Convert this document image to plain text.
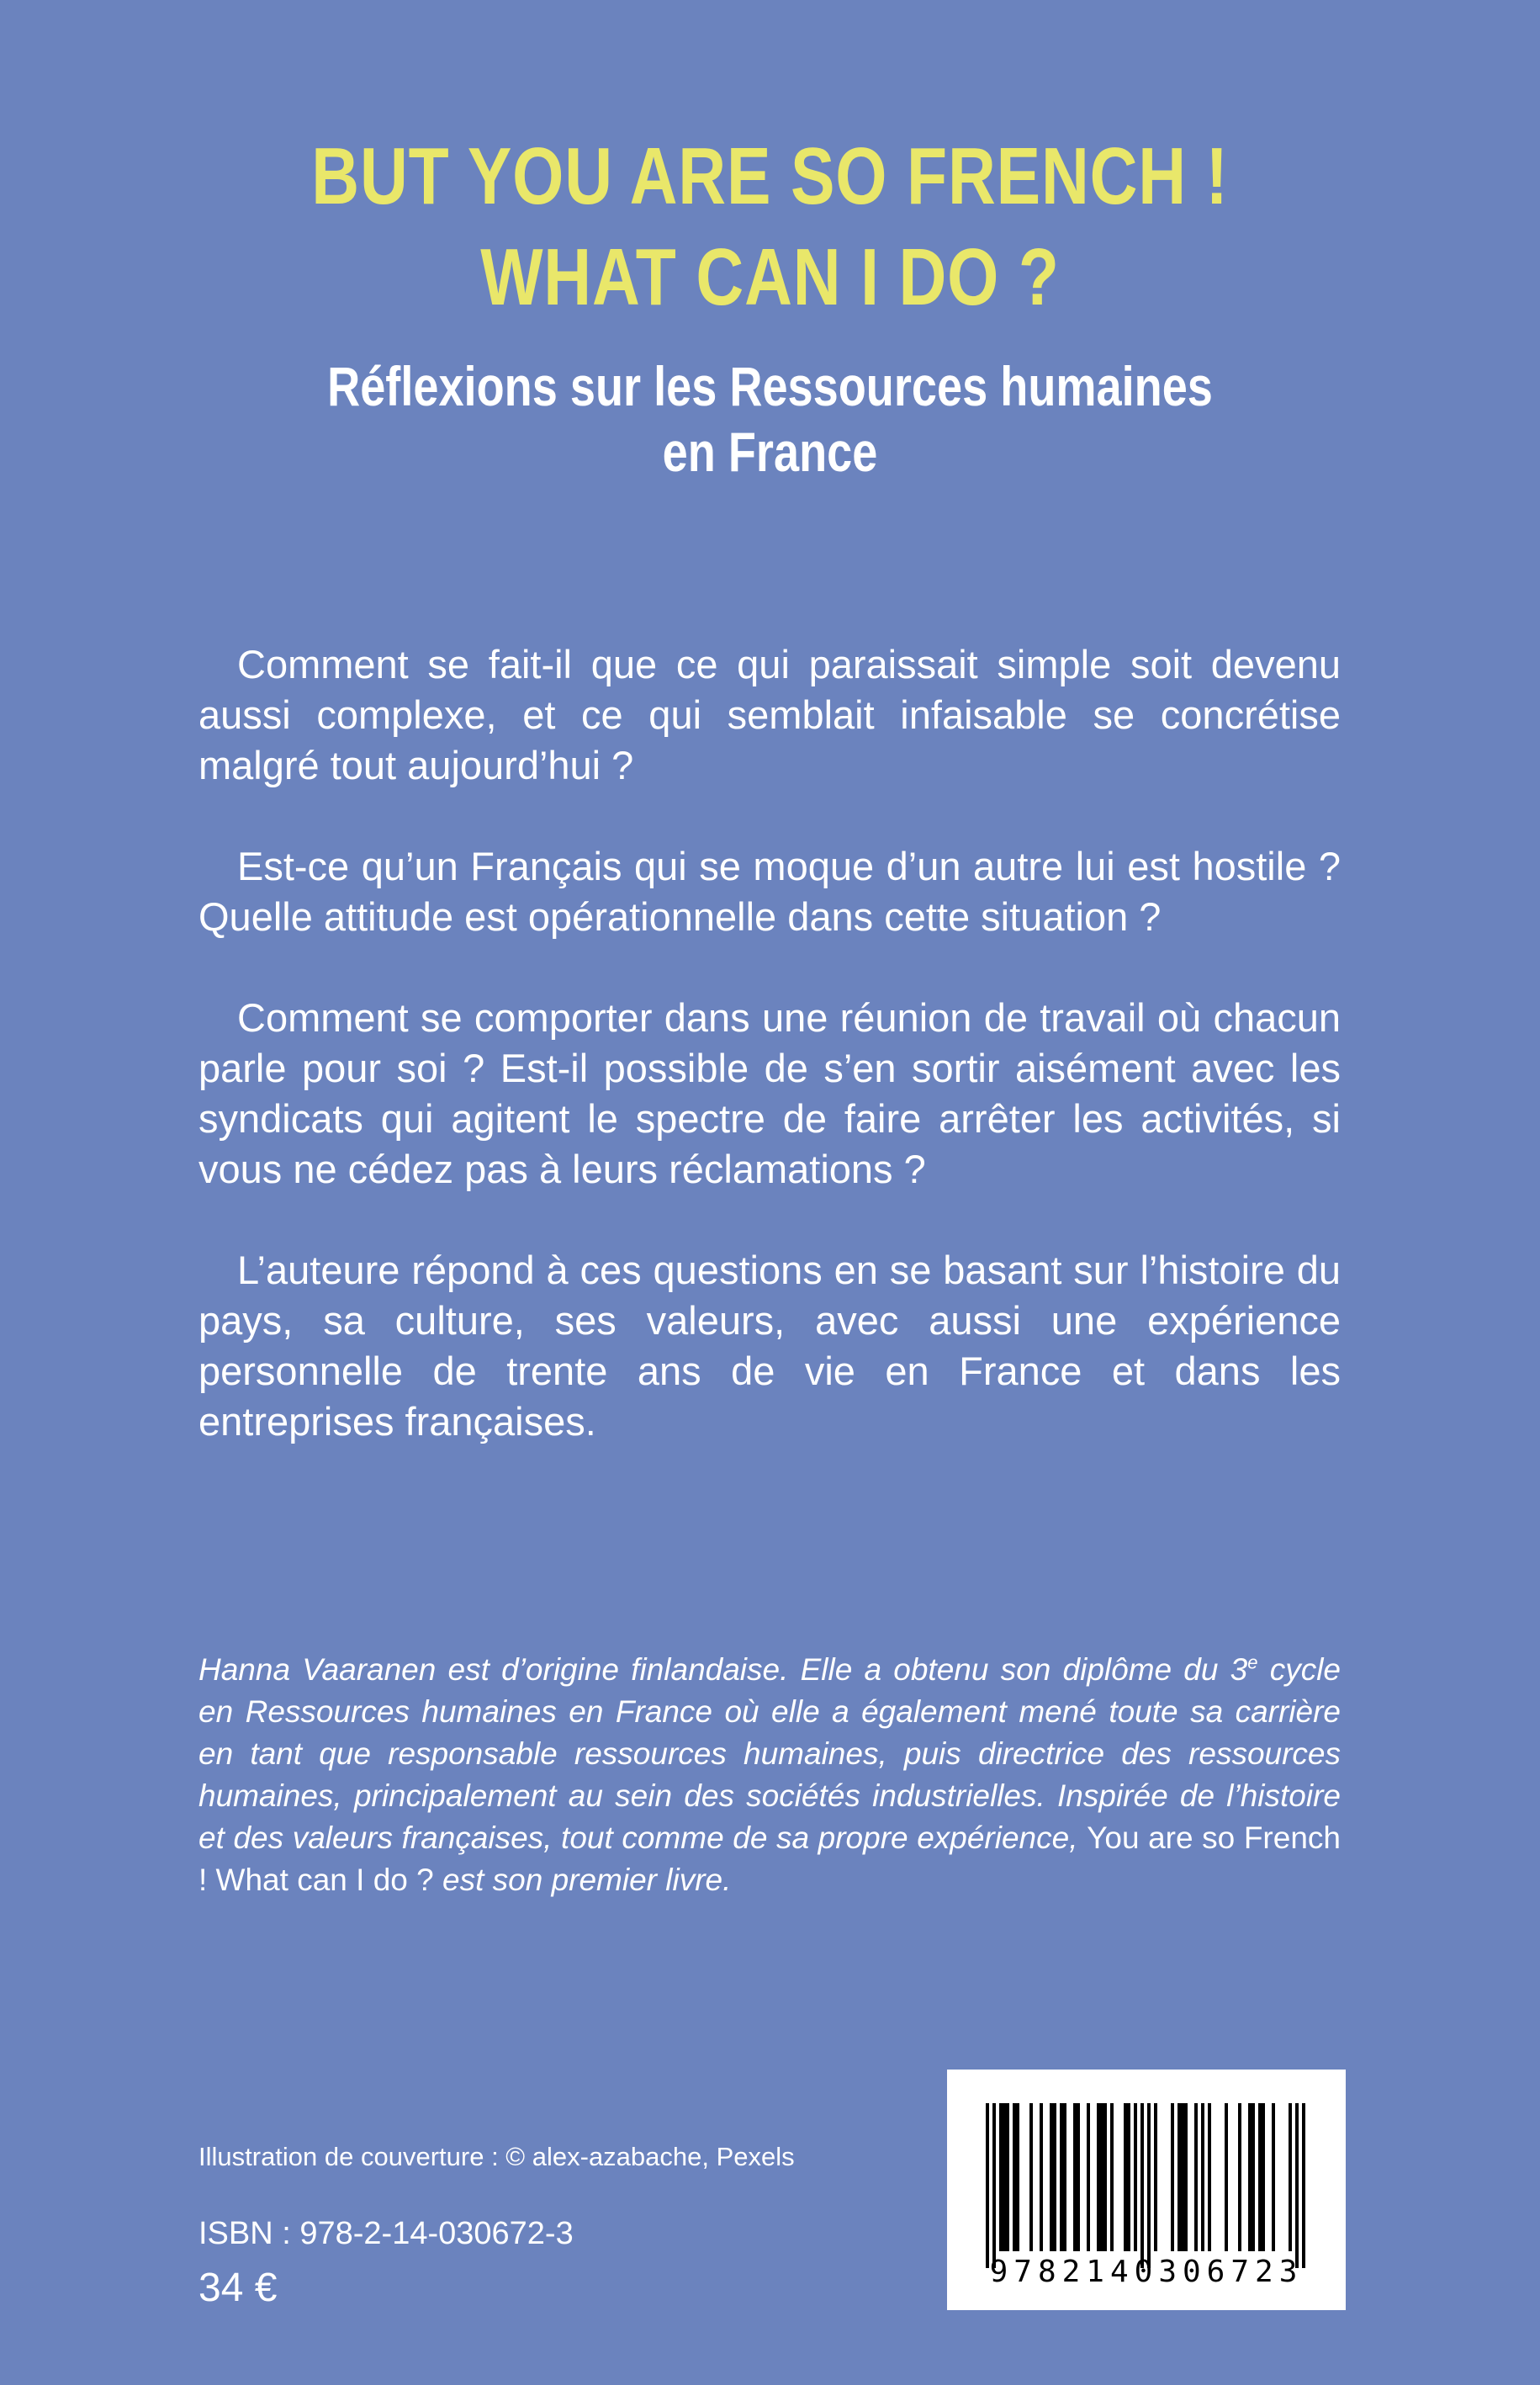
BUT YOU ARE SO FRENCH !
WHAT CAN I DO ?
Réflexions sur les Ressources humaines
en France

Comment se fait-il que ce qui paraissait simple soit devenu aussi complexe, et ce qui semblait infaisable se concrétise malgré tout aujourd’hui ?

Est-ce qu’un Français qui se moque d’un autre lui est hostile ? Quelle attitude est opérationnelle dans cette situation ?

Comment se comporter dans une réunion de travail où chacun parle pour soi ? Est-il possible de s’en sortir aisément avec les syndicats qui agitent le spectre de faire arrêter les activités, si vous ne cédez pas à leurs réclamations ?

L’auteure répond à ces questions en se basant sur l’histoire du pays, sa culture, ses valeurs, avec aussi une expérience personnelle de trente ans de vie en France et dans les entreprises françaises.

Hanna Vaaranen est d’origine finlandaise. Elle a obtenu son diplôme du 3e cycle en Ressources humaines en France où elle a également mené toute sa carrière en tant que responsable ressources humaines, puis directrice des ressources humaines, principalement au sein des sociétés industrielles. Inspirée de l’histoire et des valeurs françaises, tout comme de sa propre expérience, You are so French ! What can I do ? est son premier livre.

Illustration de couverture : © alex-azabache, Pexels

ISBN : 978-2-14-030672-3

34 €	9782140306723
